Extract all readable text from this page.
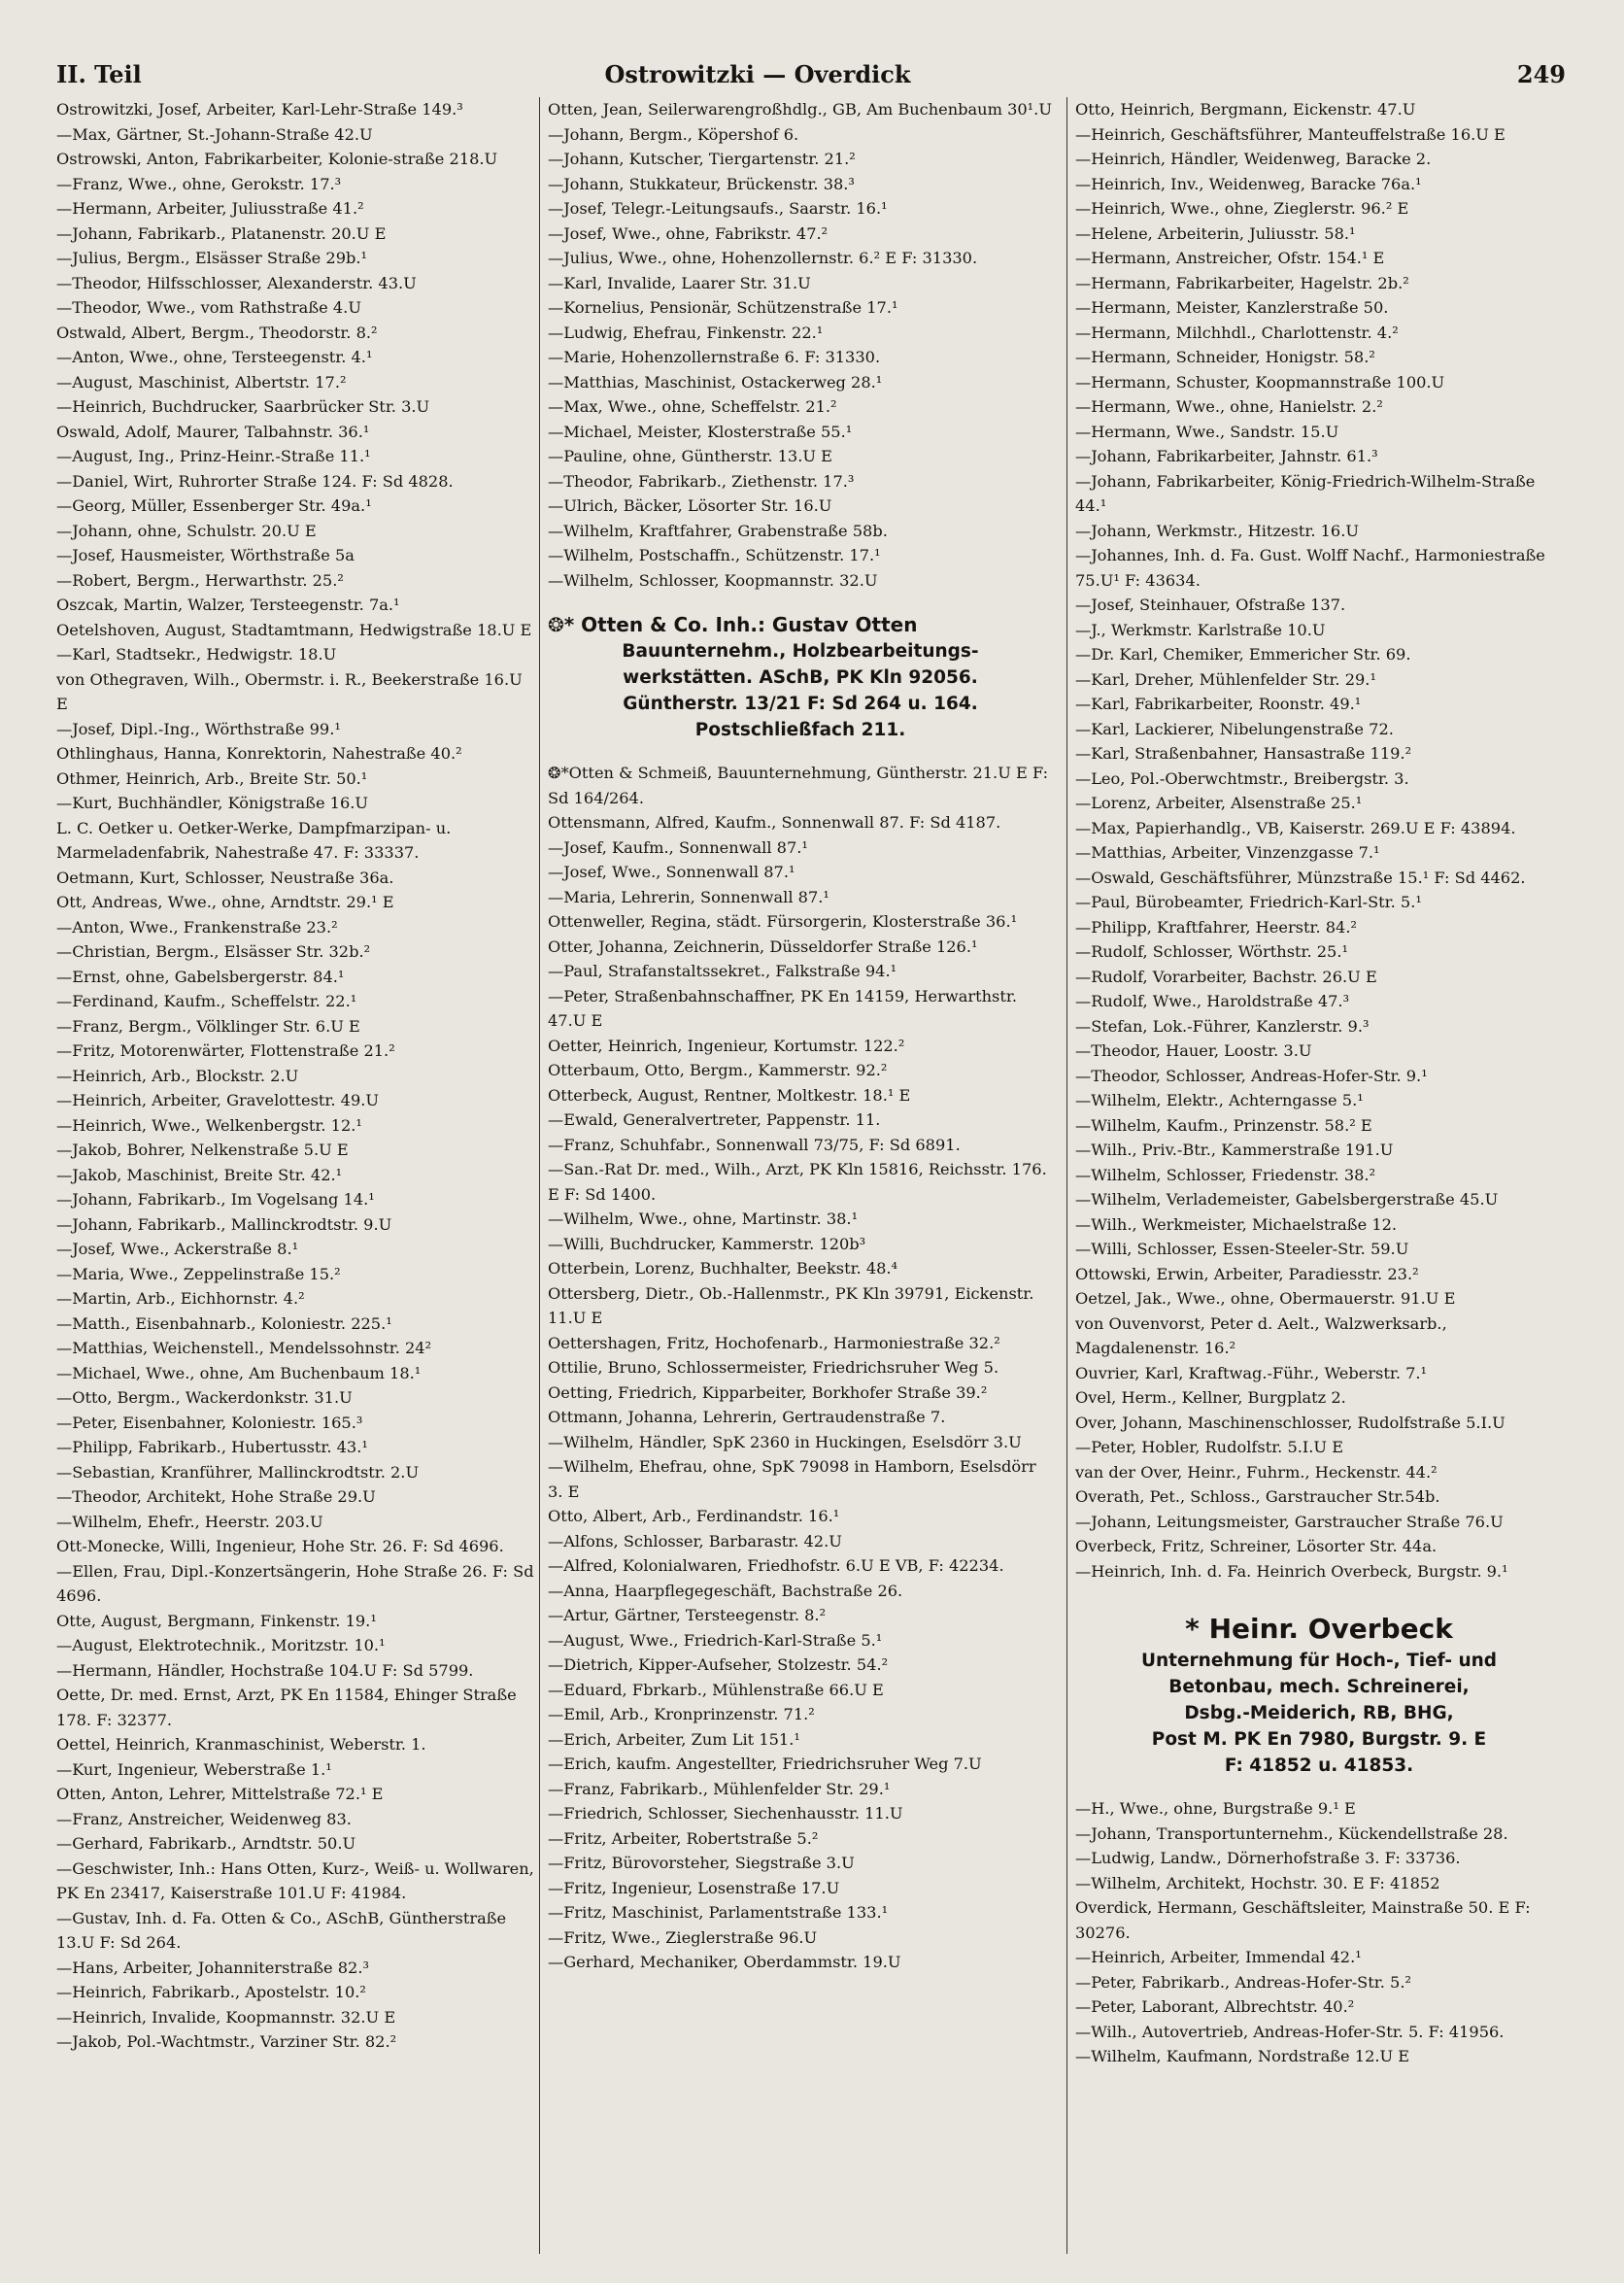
II. Teil	Ostrowitzki — Overdick	249

Ostrowitzki, Josef, Arbeiter, Karl-Lehr-Straße 149.³

—Max, Gärtner, St.-Johann-Straße 42.U

Ostrowski, Anton, Fabrikarbeiter, Kolonie-straße 218.U

—Franz, Wwe., ohne, Gerokstr. 17.³

—Hermann, Arbeiter, Juliusstraße 41.²

—Johann, Fabrikarb., Platanenstr. 20.U E

—Julius, Bergm., Elsässer Straße 29b.¹

—Theodor, Hilfsschlosser, Alexanderstr. 43.U

—Theodor, Wwe., vom Rathstraße 4.U

Ostwald, Albert, Bergm., Theodorstr. 8.²

—Anton, Wwe., ohne, Tersteegenstr. 4.¹

—August, Maschinist, Albertstr. 17.²

—Heinrich, Buchdrucker, Saarbrücker Str. 3.U

Oswald, Adolf, Maurer, Talbahnstr. 36.¹

—August, Ing., Prinz-Heinr.-Straße 11.¹

—Daniel, Wirt, Ruhrorter Straße 124. F: Sd 4828.

—Georg, Müller, Essenberger Str. 49a.¹

—Johann, ohne, Schulstr. 20.U E

—Josef, Hausmeister, Wörthstraße 5a

—Robert, Bergm., Herwarthstr. 25.²

Oszcak, Martin, Walzer, Tersteegenstr. 7a.¹

Oetelshoven, August, Stadtamtmann, Hedwigstraße 18.U E

—Karl, Stadtsekr., Hedwigstr. 18.U

von Othegraven, Wilh., Obermstr. i. R., Beekerstraße 16.U E

—Josef, Dipl.-Ing., Wörthstraße 99.¹

Othlinghaus, Hanna, Konrektorin, Nahestraße 40.²

Othmer, Heinrich, Arb., Breite Str. 50.¹

—Kurt, Buchhändler, Königstraße 16.U

L. C. Oetker u. Oetker-Werke, Dampfmarzipan- u. Marmeladenfabrik, Nahestraße 47. F: 33337.

Oetmann, Kurt, Schlosser, Neustraße 36a.

Ott, Andreas, Wwe., ohne, Arndtstr. 29.¹ E

—Anton, Wwe., Frankenstraße 23.²

—Christian, Bergm., Elsässer Str. 32b.²

—Ernst, ohne, Gabelsbergerstr. 84.¹

—Ferdinand, Kaufm., Scheffelstr. 22.¹

—Franz, Bergm., Völklinger Str. 6.U E

—Fritz, Motorenwärter, Flottenstraße 21.²

—Heinrich, Arb., Blockstr. 2.U

—Heinrich, Arbeiter, Gravelottestr. 49.U

—Heinrich, Wwe., Welkenbergstr. 12.¹

—Jakob, Bohrer, Nelkenstraße 5.U E

—Jakob, Maschinist, Breite Str. 42.¹

—Johann, Fabrikarb., Im Vogelsang 14.¹

—Johann, Fabrikarb., Mallinckrodtstr. 9.U

—Josef, Wwe., Ackerstraße 8.¹

—Maria, Wwe., Zeppelinstraße 15.²

—Martin, Arb., Eichhornstr. 4.²

—Matth., Eisenbahnarb., Koloniestr. 225.¹

—Matthias, Weichenstell., Mendelssohnstr. 24²

—Michael, Wwe., ohne, Am Buchenbaum 18.¹

—Otto, Bergm., Wackerdonkstr. 31.U

—Peter, Eisenbahner, Koloniestr. 165.³

—Philipp, Fabrikarb., Hubertusstr. 43.¹

—Sebastian, Kranführer, Mallinckrodtstr. 2.U

—Theodor, Architekt, Hohe Straße 29.U

—Wilhelm, Ehefr., Heerstr. 203.U

Ott-Monecke, Willi, Ingenieur, Hohe Str. 26. F: Sd 4696.

—Ellen, Frau, Dipl.-Konzertsängerin, Hohe Straße 26. F: Sd 4696.

Otte, August, Bergmann, Finkenstr. 19.¹

—August, Elektrotechnik., Moritzstr. 10.¹

—Hermann, Händler, Hochstraße 104.U F: Sd 5799.

Oette, Dr. med. Ernst, Arzt, PK En 11584, Ehinger Straße 178. F: 32377.

Oettel, Heinrich, Kranmaschinist, Weberstr. 1.

—Kurt, Ingenieur, Weberstraße 1.¹

Otten, Anton, Lehrer, Mittelstraße 72.¹ E

—Franz, Anstreicher, Weidenweg 83.

—Gerhard, Fabrikarb., Arndtstr. 50.U

—Geschwister, Inh.: Hans Otten, Kurz-, Weiß- u. Wollwaren, PK En 23417, Kaiserstraße 101.U F: 41984.

—Gustav, Inh. d. Fa. Otten & Co., ASchB, Güntherstraße 13.U F: Sd 264.

—Hans, Arbeiter, Johanniterstraße 82.³

—Heinrich, Fabrikarb., Apostelstr. 10.²

—Heinrich, Invalide, Koopmannstr. 32.U E

—Jakob, Pol.-Wachtmstr., Varziner Str. 82.²

Otten, Jean, Seilerwarengroßhdlg., GB, Am Buchenbaum 30¹.U

—Johann, Bergm., Köpershof 6.

—Johann, Kutscher, Tiergartenstr. 21.²

—Johann, Stukkateur, Brückenstr. 38.³

—Josef, Telegr.-Leitungsaufs., Saarstr. 16.¹

—Josef, Wwe., ohne, Fabrikstr. 47.²

—Julius, Wwe., ohne, Hohenzollernstr. 6.² E F: 31330.

—Karl, Invalide, Laarer Str. 31.U

—Kornelius, Pensionär, Schützenstraße 17.¹

—Ludwig, Ehefrau, Finkenstr. 22.¹

—Marie, Hohenzollernstraße 6. F: 31330.

—Matthias, Maschinist, Ostackerweg 28.¹

—Max, Wwe., ohne, Scheffelstr. 21.²

—Michael, Meister, Klosterstraße 55.¹

—Pauline, ohne, Güntherstr. 13.U E

—Theodor, Fabrikarb., Ziethenstr. 17.³

—Ulrich, Bäcker, Lösorter Str. 16.U

—Wilhelm, Kraftfahrer, Grabenstraße 58b.

—Wilhelm, Postschaffn., Schützenstr. 17.¹

—Wilhelm, Schlosser, Koopmannstr. 32.U

❂* Otten & Co. Inh.: Gustav Otten
Bauunternehm., Holzbearbeitungs-
werkstätten. ASchB, PK Kln 92056.
Güntherstr. 13/21 F: Sd 264 u. 164.
Postschließfach 211.

❂*Otten & Schmeiß, Bauunternehmung, Güntherstr. 21.U E F: Sd 164/264.

Ottensmann, Alfred, Kaufm., Sonnenwall 87. F: Sd 4187.

—Josef, Kaufm., Sonnenwall 87.¹

—Josef, Wwe., Sonnenwall 87.¹

—Maria, Lehrerin, Sonnenwall 87.¹

Ottenweller, Regina, städt. Fürsorgerin, Klosterstraße 36.¹

Otter, Johanna, Zeichnerin, Düsseldorfer Straße 126.¹

—Paul, Strafanstaltssekret., Falkstraße 94.¹

—Peter, Straßenbahnschaffner, PK En 14159, Herwarthstr. 47.U E

Oetter, Heinrich, Ingenieur, Kortumstr. 122.²

Otterbaum, Otto, Bergm., Kammerstr. 92.²

Otterbeck, August, Rentner, Moltkestr. 18.¹ E

—Ewald, Generalvertreter, Pappenstr. 11.

—Franz, Schuhfabr., Sonnenwall 73/75, F: Sd 6891.

—San.-Rat Dr. med., Wilh., Arzt, PK Kln 15816, Reichsstr. 176. E F: Sd 1400.

—Wilhelm, Wwe., ohne, Martinstr. 38.¹

—Willi, Buchdrucker, Kammerstr. 120b³

Otterbein, Lorenz, Buchhalter, Beekstr. 48.⁴

Ottersberg, Dietr., Ob.-Hallenmstr., PK Kln 39791, Eickenstr. 11.U E

Oettershagen, Fritz, Hochofenarb., Harmoniestraße 32.²

Ottilie, Bruno, Schlossermeister, Friedrichsruher Weg 5.

Oetting, Friedrich, Kipparbeiter, Borkhofer Straße 39.²

Ottmann, Johanna, Lehrerin, Gertraudenstraße 7.

—Wilhelm, Händler, SpK 2360 in Huckingen, Eselsdörr 3.U

—Wilhelm, Ehefrau, ohne, SpK 79098 in Hamborn, Eselsdörr 3. E

Otto, Albert, Arb., Ferdinandstr. 16.¹

—Alfons, Schlosser, Barbarastr. 42.U

—Alfred, Kolonialwaren, Friedhofstr. 6.U E VB, F: 42234.

—Anna, Haarpflegegeschäft, Bachstraße 26.

—Artur, Gärtner, Tersteegenstr. 8.²

—August, Wwe., Friedrich-Karl-Straße 5.¹

—Dietrich, Kipper-Aufseher, Stolzestr. 54.²

—Eduard, Fbrkarb., Mühlenstraße 66.U E

—Emil, Arb., Kronprinzenstr. 71.²

—Erich, Arbeiter, Zum Lit 151.¹

—Erich, kaufm. Angestellter, Friedrichsruher Weg 7.U

—Franz, Fabrikarb., Mühlenfelder Str. 29.¹

—Friedrich, Schlosser, Siechenhausstr. 11.U

—Fritz, Arbeiter, Robertstraße 5.²

—Fritz, Bürovorsteher, Siegstraße 3.U

—Fritz, Ingenieur, Losenstraße 17.U

—Fritz, Maschinist, Parlamentstraße 133.¹

—Fritz, Wwe., Zieglerstraße 96.U

—Gerhard, Mechaniker, Oberdammstr. 19.U

Otto, Heinrich, Bergmann, Eickenstr. 47.U

—Heinrich, Geschäftsführer, Manteuffelstraße 16.U E

—Heinrich, Händler, Weidenweg, Baracke 2.

—Heinrich, Inv., Weidenweg, Baracke 76a.¹

—Heinrich, Wwe., ohne, Zieglerstr. 96.² E

—Helene, Arbeiterin, Juliusstr. 58.¹

—Hermann, Anstreicher, Ofstr. 154.¹ E

—Hermann, Fabrikarbeiter, Hagelstr. 2b.²

—Hermann, Meister, Kanzlerstraße 50.

—Hermann, Milchhdl., Charlottenstr. 4.²

—Hermann, Schneider, Honigstr. 58.²

—Hermann, Schuster, Koopmannstraße 100.U

—Hermann, Wwe., ohne, Hanielstr. 2.²

—Hermann, Wwe., Sandstr. 15.U

—Johann, Fabrikarbeiter, Jahnstr. 61.³

—Johann, Fabrikarbeiter, König-Friedrich-Wilhelm-Straße 44.¹

—Johann, Werkmstr., Hitzestr. 16.U

—Johannes, Inh. d. Fa. Gust. Wolff Nachf., Harmoniestraße 75.U¹ F: 43634.

—Josef, Steinhauer, Ofstraße 137.

—J., Werkmstr. Karlstraße 10.U

—Dr. Karl, Chemiker, Emmericher Str. 69.

—Karl, Dreher, Mühlenfelder Str. 29.¹

—Karl, Fabrikarbeiter, Roonstr. 49.¹

—Karl, Lackierer, Nibelungenstraße 72.

—Karl, Straßenbahner, Hansastraße 119.²

—Leo, Pol.-Oberwchtmstr., Breibergstr. 3.

—Lorenz, Arbeiter, Alsenstraße 25.¹

—Max, Papierhandlg., VB, Kaiserstr. 269.U E F: 43894.

—Matthias, Arbeiter, Vinzenzgasse 7.¹

—Oswald, Geschäftsführer, Münzstraße 15.¹ F: Sd 4462.

—Paul, Bürobeamter, Friedrich-Karl-Str. 5.¹

—Philipp, Kraftfahrer, Heerstr. 84.²

—Rudolf, Schlosser, Wörthstr. 25.¹

—Rudolf, Vorarbeiter, Bachstr. 26.U E

—Rudolf, Wwe., Haroldstraße 47.³

—Stefan, Lok.-Führer, Kanzlerstr. 9.³

—Theodor, Hauer, Loostr. 3.U

—Theodor, Schlosser, Andreas-Hofer-Str. 9.¹

—Wilhelm, Elektr., Achterngasse 5.¹

—Wilhelm, Kaufm., Prinzenstr. 58.² E

—Wilh., Priv.-Btr., Kammerstraße 191.U

—Wilhelm, Schlosser, Friedenstr. 38.²

—Wilhelm, Verlademeister, Gabelsbergerstraße 45.U

—Wilh., Werkmeister, Michaelstraße 12.

—Willi, Schlosser, Essen-Steeler-Str. 59.U

Ottowski, Erwin, Arbeiter, Paradiesstr. 23.²

Oetzel, Jak., Wwe., ohne, Obermauerstr. 91.U E

von Ouvenvorst, Peter d. Aelt., Walzwerksarb., Magdalenenstr. 16.²

Ouvrier, Karl, Kraftwag.-Führ., Weberstr. 7.¹

Ovel, Herm., Kellner, Burgplatz 2.

Over, Johann, Maschinenschlosser, Rudolfstraße 5.I.U

—Peter, Hobler, Rudolfstr. 5.I.U E

van der Over, Heinr., Fuhrm., Heckenstr. 44.²

Overath, Pet., Schloss., Garstraucher Str.54b.

—Johann, Leitungsmeister, Garstraucher Straße 76.U

Overbeck, Fritz, Schreiner, Lösorter Str. 44a.

—Heinrich, Inh. d. Fa. Heinrich Overbeck, Burgstr. 9.¹

* Heinr. Overbeck
Unternehmung für Hoch-, Tief- und
Betonbau, mech. Schreinerei,
Dsbg.-Meiderich, RB, BHG,
Post M. PK En 7980, Burgstr. 9. E
F: 41852 u. 41853.

—H., Wwe., ohne, Burgstraße 9.¹ E

—Johann, Transportunternehm., Kückendellstraße 28.

—Ludwig, Landw., Dörnerhofstraße 3. F: 33736.

—Wilhelm, Architekt, Hochstr. 30. E F: 41852

Overdick, Hermann, Geschäftsleiter, Mainstraße 50. E F: 30276.

—Heinrich, Arbeiter, Immendal 42.¹

—Peter, Fabrikarb., Andreas-Hofer-Str. 5.²

—Peter, Laborant, Albrechtstr. 40.²

—Wilh., Autovertrieb, Andreas-Hofer-Str. 5. F: 41956.

—Wilhelm, Kaufmann, Nordstraße 12.U E
